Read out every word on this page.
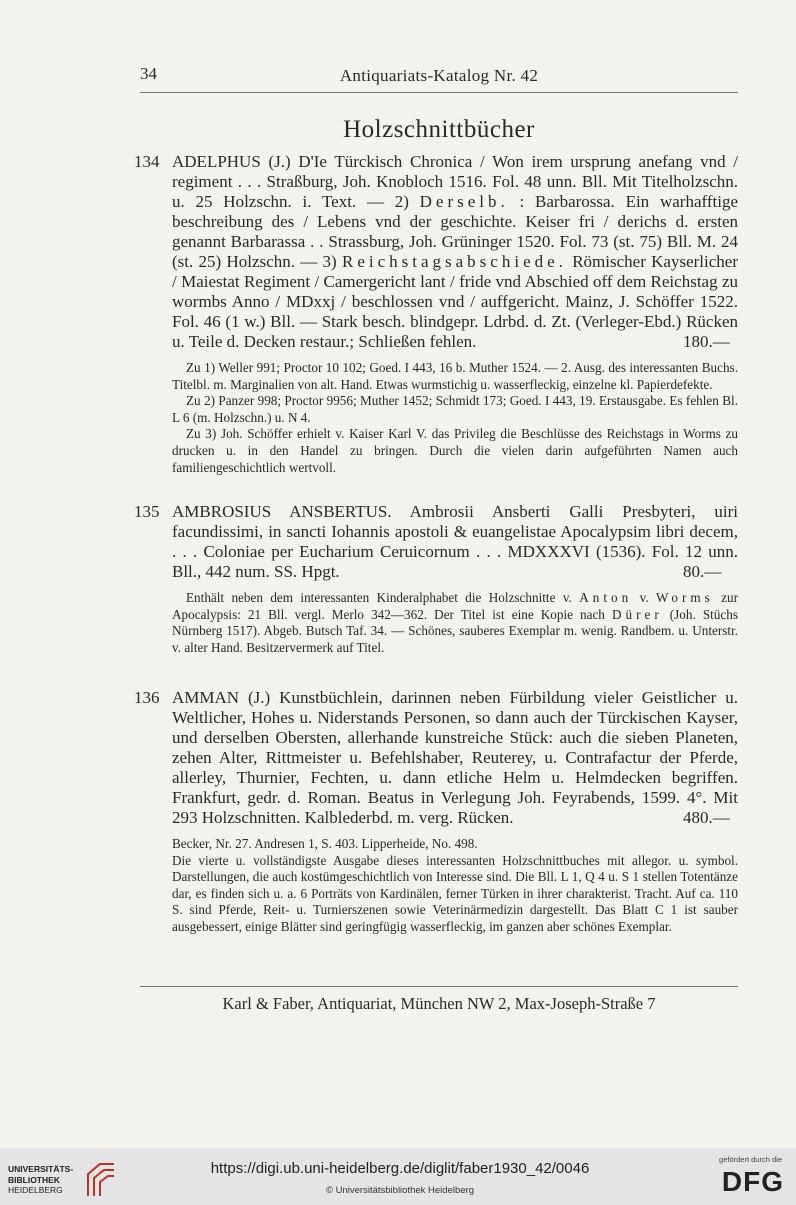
34	Antiquariats-Katalog Nr. 42
Holzschnittbücher
134 ADELPHUS (J.) D'Ie Türckisch Chronica / Won irem ursprung anefang vnd / regiment . . . Straßburg, Joh. Knobloch 1516. Fol. 48 unn. Bll. Mit Titelholzschn. u. 25 Holzschn. i. Text. — 2) Derselb. : Barbarossa. Ein warhafftige beschreibung des / Lebens vnd der geschichte. Keiser fri / derichs d. ersten genannt Barbarassa . . Strassburg, Joh. Grüninger 1520. Fol. 73 (st. 75) Bll. M. 24 (st. 25) Holzschn. — 3) Reichstagsabschiede. Römischer Kayserlicher / Maiestat Regiment / Camergericht lant / fride vnd Abschied off dem Reichstag zu wormbs Anno / MDxxj / beschlossen vnd / auffgericht. Mainz, J. Schöffer 1522. Fol. 46 (1 w.) Bll. — Stark besch. blindgepr. Ldrbd. d. Zt. (Verleger-Ebd.) Rücken u. Teile d. Decken restaur.; Schließen fehlen.	180.—

Zu 1) Weller 991; Proctor 10 102; Goed. I 443, 16 b. Muther 1524. — 2. Ausg. des interessanten Buchs. Titelbl. m. Marginalien von alt. Hand. Etwas wurmstichig u. wasserfleckig, einzelne kl. Papierdefekte.

Zu 2) Panzer 998; Proctor 9956; Muther 1452; Schmidt 173; Goed. I 443, 19. Erstausgabe. Es fehlen Bl. L 6 (m. Holzschn.) u. N 4.

Zu 3) Joh. Schöffer erhielt v. Kaiser Karl V. das Privileg die Beschlüsse des Reichstags in Worms zu drucken u. in den Handel zu bringen. Durch die vielen darin aufgeführten Namen auch familiengeschichtlich wertvoll.

135 AMBROSIUS ANSBERTUS. Ambrosii Ansberti Galli Presbyteri, uiri facundissimi, in sancti Iohannis apostoli & euangelistae Apocalypsim libri decem, . . . Coloniae per Eucharium Ceruicornum . . . MDXXXVI (1536). Fol. 12 unn. Bll., 442 num. SS. Hpgt.	80.—

Enthält neben dem interessanten Kinderalphabet die Holzschnitte v. Anton v. Worms zur Apocalypsis: 21 Bll. vergl. Merlo 342—362. Der Titel ist eine Kopie nach Dürer (Joh. Stüchs Nürnberg 1517). Abgeb. Butsch Taf. 34. — Schönes, sauberes Exemplar m. wenig. Randbem. u. Unterstr. v. alter Hand. Besitzervermerk auf Titel.

136 AMMAN (J.) Kunstbüchlein, darinnen neben Fürbildung vieler Geistlicher u. Weltlicher, Hohes u. Niderstands Personen, so dann auch der Türckischen Kayser, und derselben Obersten, allerhande kunstreiche Stück: auch die sieben Planeten, zehen Alter, Rittmeister u. Befehlshaber, Reuterey, u. Contrafactur der Pferde, allerley, Thurnier, Fechten, u. dann etliche Helm u. Helmdecken begriffen. Frankfurt, gedr. d. Roman. Beatus in Verlegung Joh. Feyrabends, 1599. 4°. Mit 293 Holzschnitten. Kalblederbd. m. verg. Rücken.	480.—

Becker, Nr. 27. Andresen 1, S. 403. Lipperheide, No. 498.

Die vierte u. vollständigste Ausgabe dieses interessanten Holzschnittbuches mit allegor. u. symbol. Darstellungen, die auch kostümgeschichtlich von Interesse sind. Die Bll. L 1, Q 4 u. S 1 stellen Totentänze dar, es finden sich u. a. 6 Porträts von Kardinälen, ferner Türken in ihrer charakterist. Tracht. Auf ca. 110 S. sind Pferde, Reit- u. Turnierszenen sowie Veterinärmedizin dargestellt. Das Blatt C 1 ist sauber ausgebessert, einige Blätter sind geringfügig wasserfleckig, im ganzen aber schönes Exemplar.

Karl & Faber, Antiquariat, München NW 2, Max-Joseph-Straße 7
UNIVERSITÄTS-
BIBLIOTHEK
HEIDELBERG
https://digi.ub.uni-heidelberg.de/diglit/faber1930_42/0046
© Universitätsbibliothek Heidelberg
gefördert durch die
DFG
